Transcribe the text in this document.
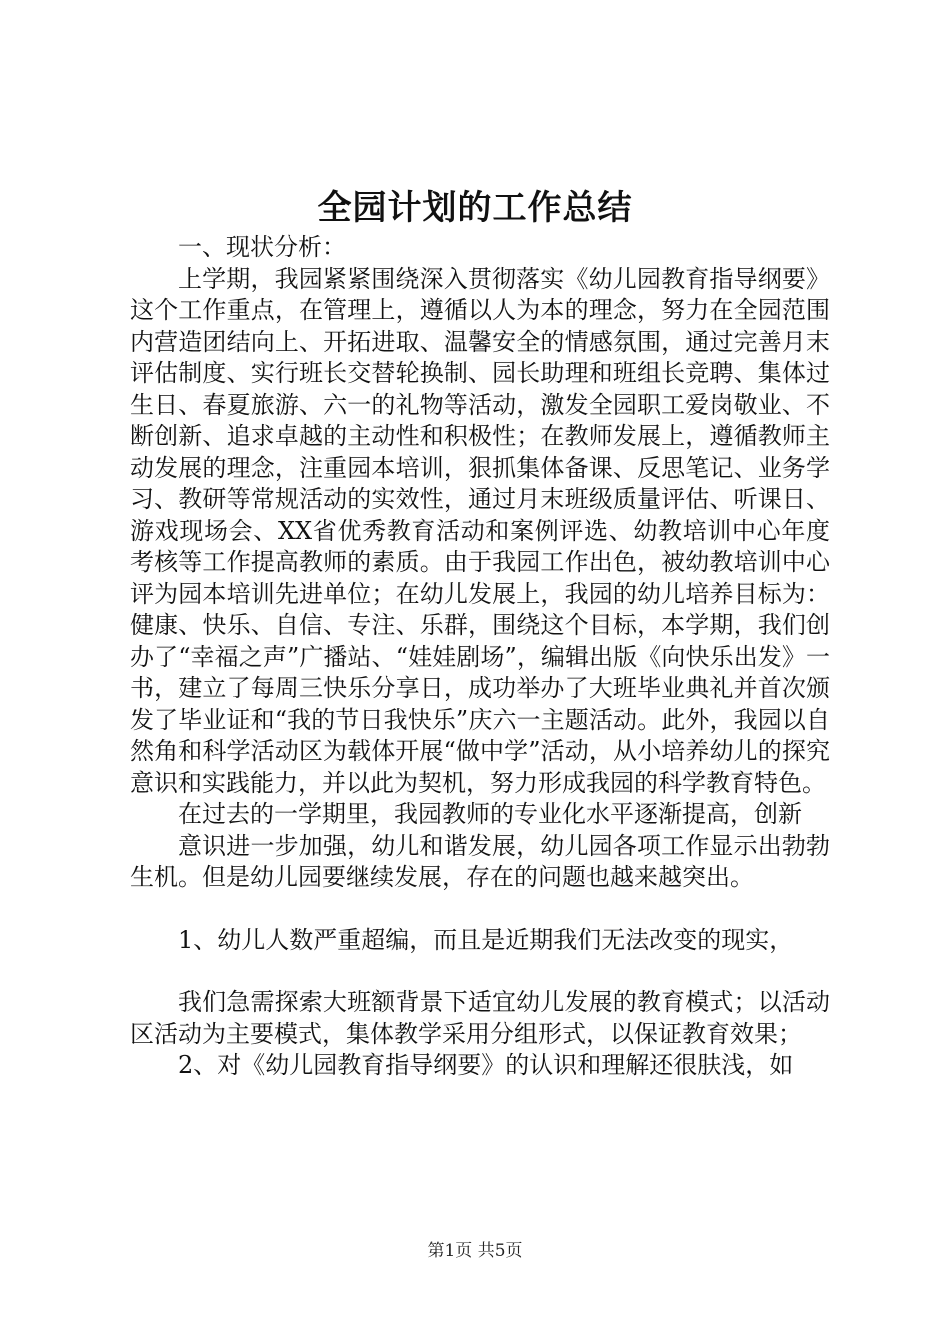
全园计划的工作总结

一、现状分析：

上学期，我园紧紧围绕深入贯彻落实《幼儿园教育指导纲要》这个工作重点，在管理上，遵循以人为本的理念，努力在全园范围内营造团结向上、开拓进取、温馨安全的情感氛围，通过完善月末评估制度、实行班长交替轮换制、园长助理和班组长竞聘、集体过生日、春夏旅游、六一的礼物等活动，激发全园职工爱岗敬业、不断创新、追求卓越的主动性和积极性；在教师发展上，遵循教师主动发展的理念，注重园本培训，狠抓集体备课、反思笔记、业务学习、教研等常规活动的实效性，通过月末班级质量评估、听课日、游戏现场会、XX省优秀教育活动和案例评选、幼教培训中心年度考核等工作提高教师的素质。由于我园工作出色，被幼教培训中心评为园本培训先进单位；在幼儿发展上，我园的幼儿培养目标为：健康、快乐、自信、专注、乐群，围绕这个目标，本学期，我们创办了“幸福之声”广播站、“娃娃剧场”，编辑出版《向快乐出发》一书，建立了每周三快乐分享日，成功举办了大班毕业典礼并首次颁发了毕业证和“我的节日我快乐”庆六一主题活动。此外，我园以自然角和科学活动区为载体开展“做中学”活动，从小培养幼儿的探究意识和实践能力，并以此为契机，努力形成我园的科学教育特色。

在过去的一学期里，我园教师的专业化水平逐渐提高，创新

意识进一步加强，幼儿和谐发展，幼儿园各项工作显示出勃勃生机。但是幼儿园要继续发展，存在的问题也越来越突出。

1、幼儿人数严重超编，而且是近期我们无法改变的现实，

我们急需探索大班额背景下适宜幼儿发展的教育模式；以活动区活动为主要模式，集体教学采用分组形式，以保证教育效果；

2、对《幼儿园教育指导纲要》的认识和理解还很肤浅，如

第1页 共5页
